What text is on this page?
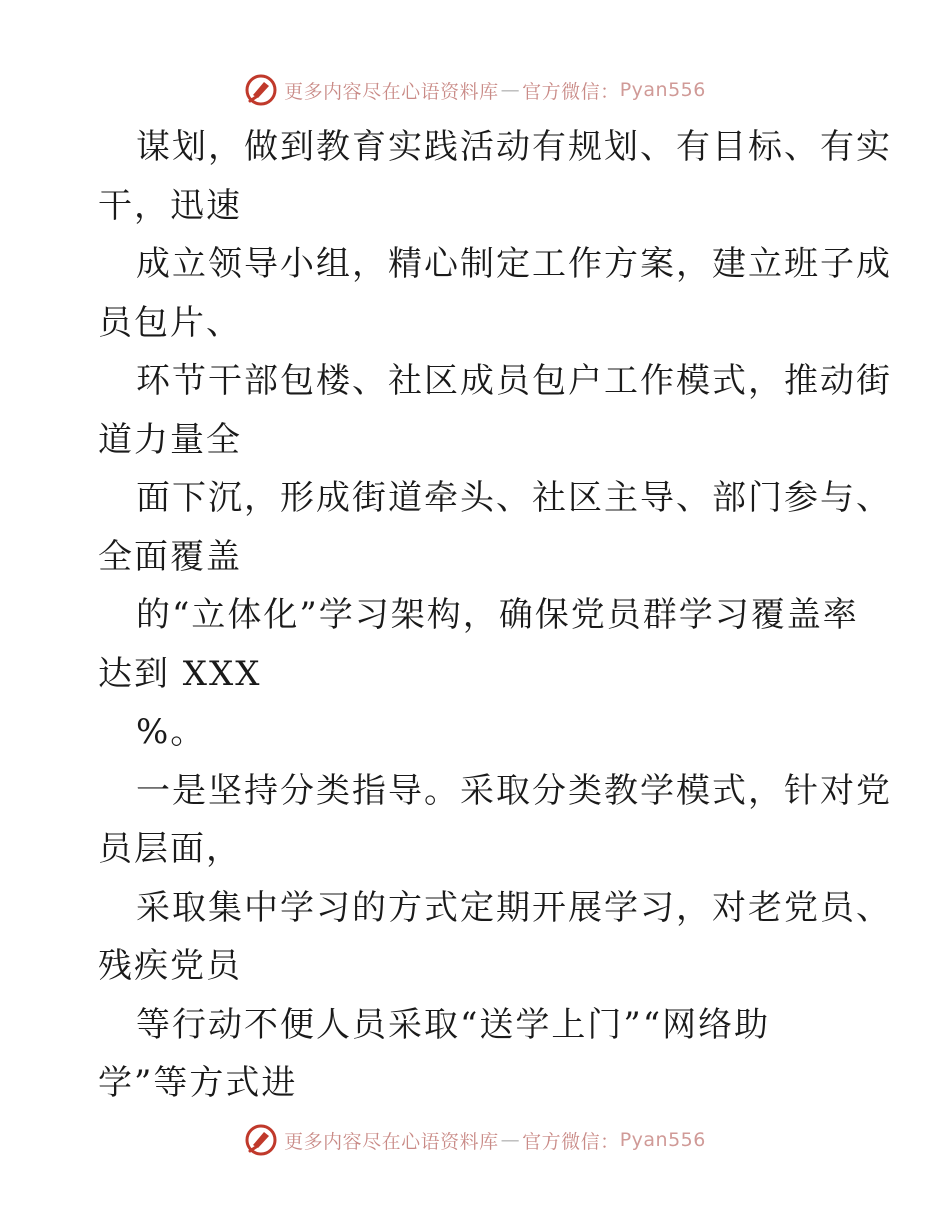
更多内容尽在心语资料库 — 官方微信： Pyan556
谋划，做到教育实践活动有规划、有目标、有实
干，迅速
成立领导小组，精心制定工作方案，建立班子成
员包片、
环节干部包楼、社区成员包户工作模式，推动街
道力量全
面下沉，形成街道牵头、社区主导、部门参与、
全面覆盖
的“立体化”学习架构，确保党员群学习覆盖率
达到 XXX
%。
一是坚持分类指导。采取分类教学模式，针对党
员层面，
采取集中学习的方式定期开展学习，对老党员、
残疾党员
等行动不便人员采取“送学上门”“网络助
学”等方式进
更多内容尽在心语资料库 — 官方微信： Pyan556
